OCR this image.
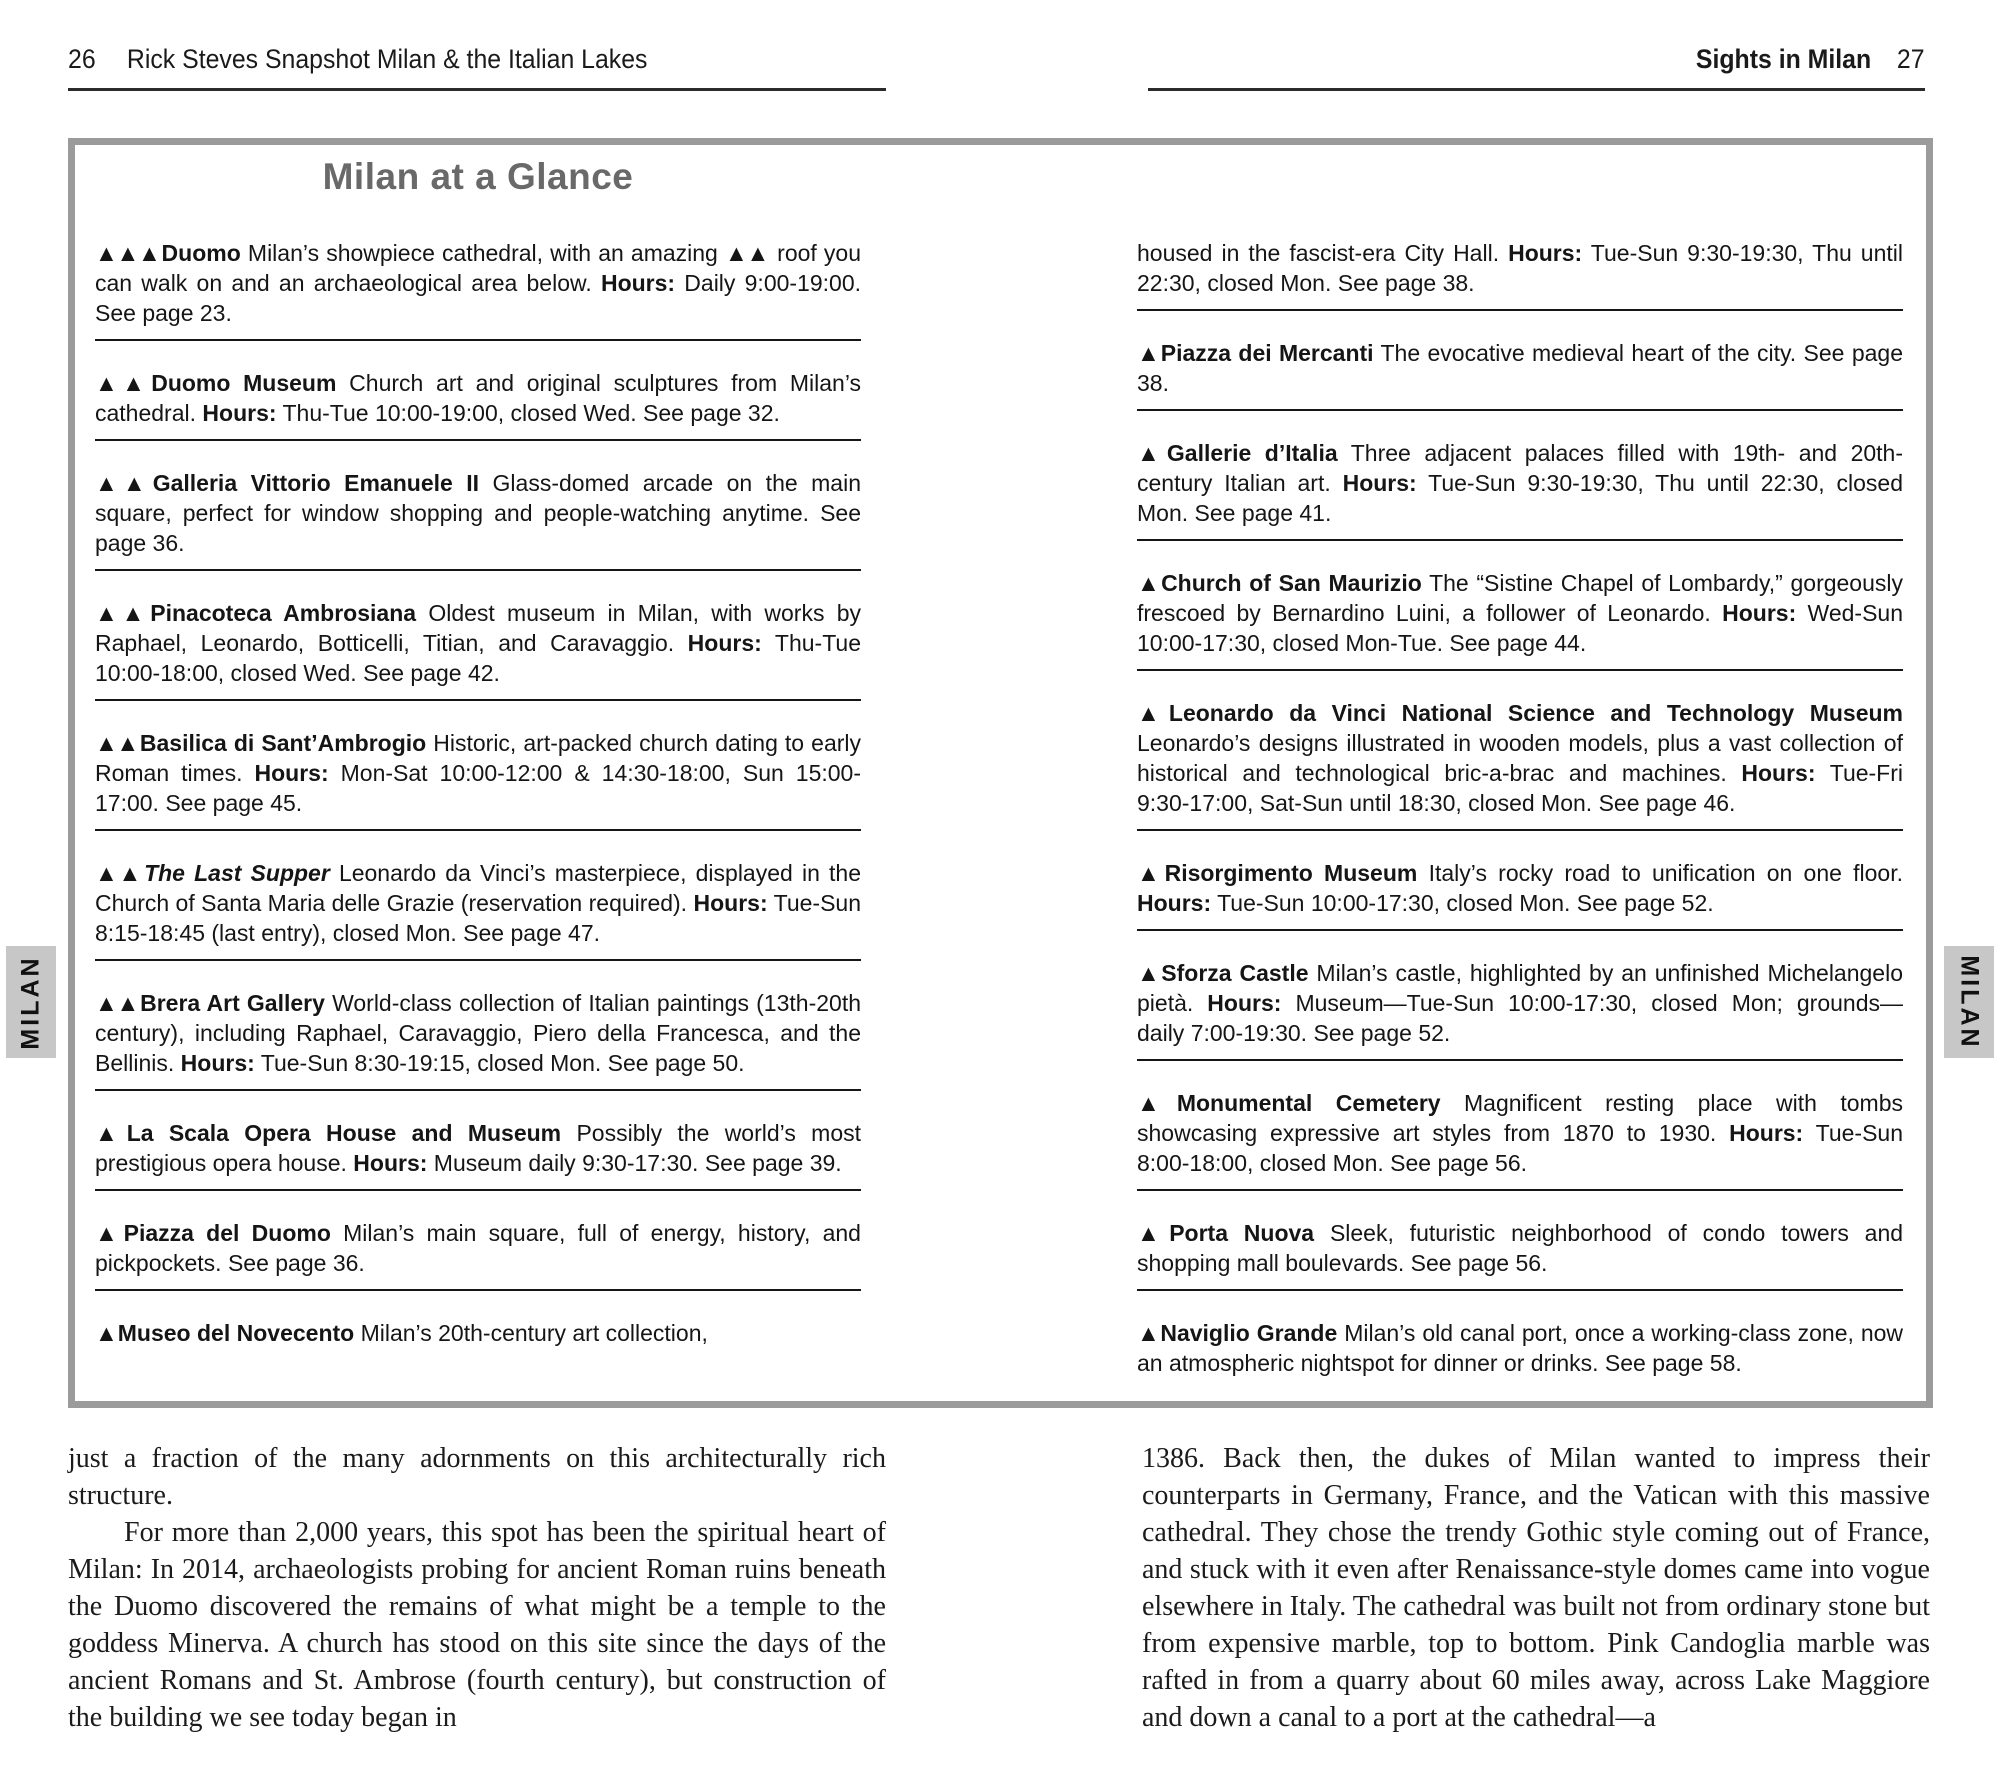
26 Rick Steves Snapshot Milan & the Italian Lakes	Sights in Milan 27
MILAN	MILAN
Milan at a Glance

▲▲▲Duomo Milan’s showpiece cathedral, with an amazing ▲▲ roof you can walk on and an archaeological area below. Hours: Daily 9:00-19:00. See page 23.

▲▲Duomo Museum Church art and original sculptures from Milan’s cathedral. Hours: Thu-Tue 10:00-19:00, closed Wed. See page 32.

▲▲Galleria Vittorio Emanuele II Glass-domed arcade on the main square, perfect for window shopping and people-watching anytime. See page 36.

▲▲Pinacoteca Ambrosiana Oldest museum in Milan, with works by Raphael, Leonardo, Botticelli, Titian, and Caravaggio. Hours: Thu-Tue 10:00-18:00, closed Wed. See page 42.

▲▲Basilica di Sant’Ambrogio Historic, art-packed church dating to early Roman times. Hours: Mon-Sat 10:00-12:00 & 14:30-18:00, Sun 15:00-17:00. See page 45.

▲▲The Last Supper Leonardo da Vinci’s masterpiece, displayed in the Church of Santa Maria delle Grazie (reservation required). Hours: Tue-Sun 8:15-18:45 (last entry), closed Mon. See page 47.

▲▲Brera Art Gallery World-class collection of Italian paintings (13th-20th century), including Raphael, Caravaggio, Piero della Francesca, and the Bellinis. Hours: Tue-Sun 8:30-19:15, closed Mon. See page 50.

▲La Scala Opera House and Museum Possibly the world’s most prestigious opera house. Hours: Museum daily 9:30-17:30. See page 39.

▲Piazza del Duomo Milan’s main square, full of energy, history, and pickpockets. See page 36.

▲Museo del Novecento Milan’s 20th-century art collection,

housed in the fascist-era City Hall. Hours: Tue-Sun 9:30-19:30, Thu until 22:30, closed Mon. See page 38.

▲Piazza dei Mercanti The evocative medieval heart of the city. See page 38.

▲Gallerie d’Italia Three adjacent palaces filled with 19th- and 20th-century Italian art. Hours: Tue-Sun 9:30-19:30, Thu until 22:30, closed Mon. See page 41.

▲Church of San Maurizio The “Sistine Chapel of Lombardy,” gorgeously frescoed by Bernardino Luini, a follower of Leonardo. Hours: Wed-Sun 10:00-17:30, closed Mon-Tue. See page 44.

▲Leonardo da Vinci National Science and Technology Museum Leonardo’s designs illustrated in wooden models, plus a vast collection of historical and technological bric-a-brac and machines. Hours: Tue-Fri 9:30-17:00, Sat-Sun until 18:30, closed Mon. See page 46.

▲Risorgimento Museum Italy’s rocky road to unification on one floor. Hours: Tue-Sun 10:00-17:30, closed Mon. See page 52.

▲Sforza Castle Milan’s castle, highlighted by an unfinished Michelangelo pietà. Hours: Museum—Tue-Sun 10:00-17:30, closed Mon; grounds—daily 7:00-19:30. See page 52.

▲Monumental Cemetery Magnificent resting place with tombs showcasing expressive art styles from 1870 to 1930. Hours: Tue-Sun 8:00-18:00, closed Mon. See page 56.

▲Porta Nuova Sleek, futuristic neighborhood of condo towers and shopping mall boulevards. See page 56.

▲Naviglio Grande Milan’s old canal port, once a working-class zone, now an atmospheric nightspot for dinner or drinks. See page 58.

just a fraction of the many adornments on this architecturally rich structure.

For more than 2,000 years, this spot has been the spiritual heart of Milan: In 2014, archaeologists probing for ancient Roman ruins beneath the Duomo discovered the remains of what might be a temple to the goddess Minerva. A church has stood on this site since the days of the ancient Romans and St. Ambrose (fourth century), but construction of the building we see today began in

1386. Back then, the dukes of Milan wanted to impress their counterparts in Germany, France, and the Vatican with this massive cathedral. They chose the trendy Gothic style coming out of France, and stuck with it even after Renaissance-style domes came into vogue elsewhere in Italy. The cathedral was built not from ordinary stone but from expensive marble, top to bottom. Pink Candoglia marble was rafted in from a quarry about 60 miles away, across Lake Maggiore and down a canal to a port at the cathedral—a
